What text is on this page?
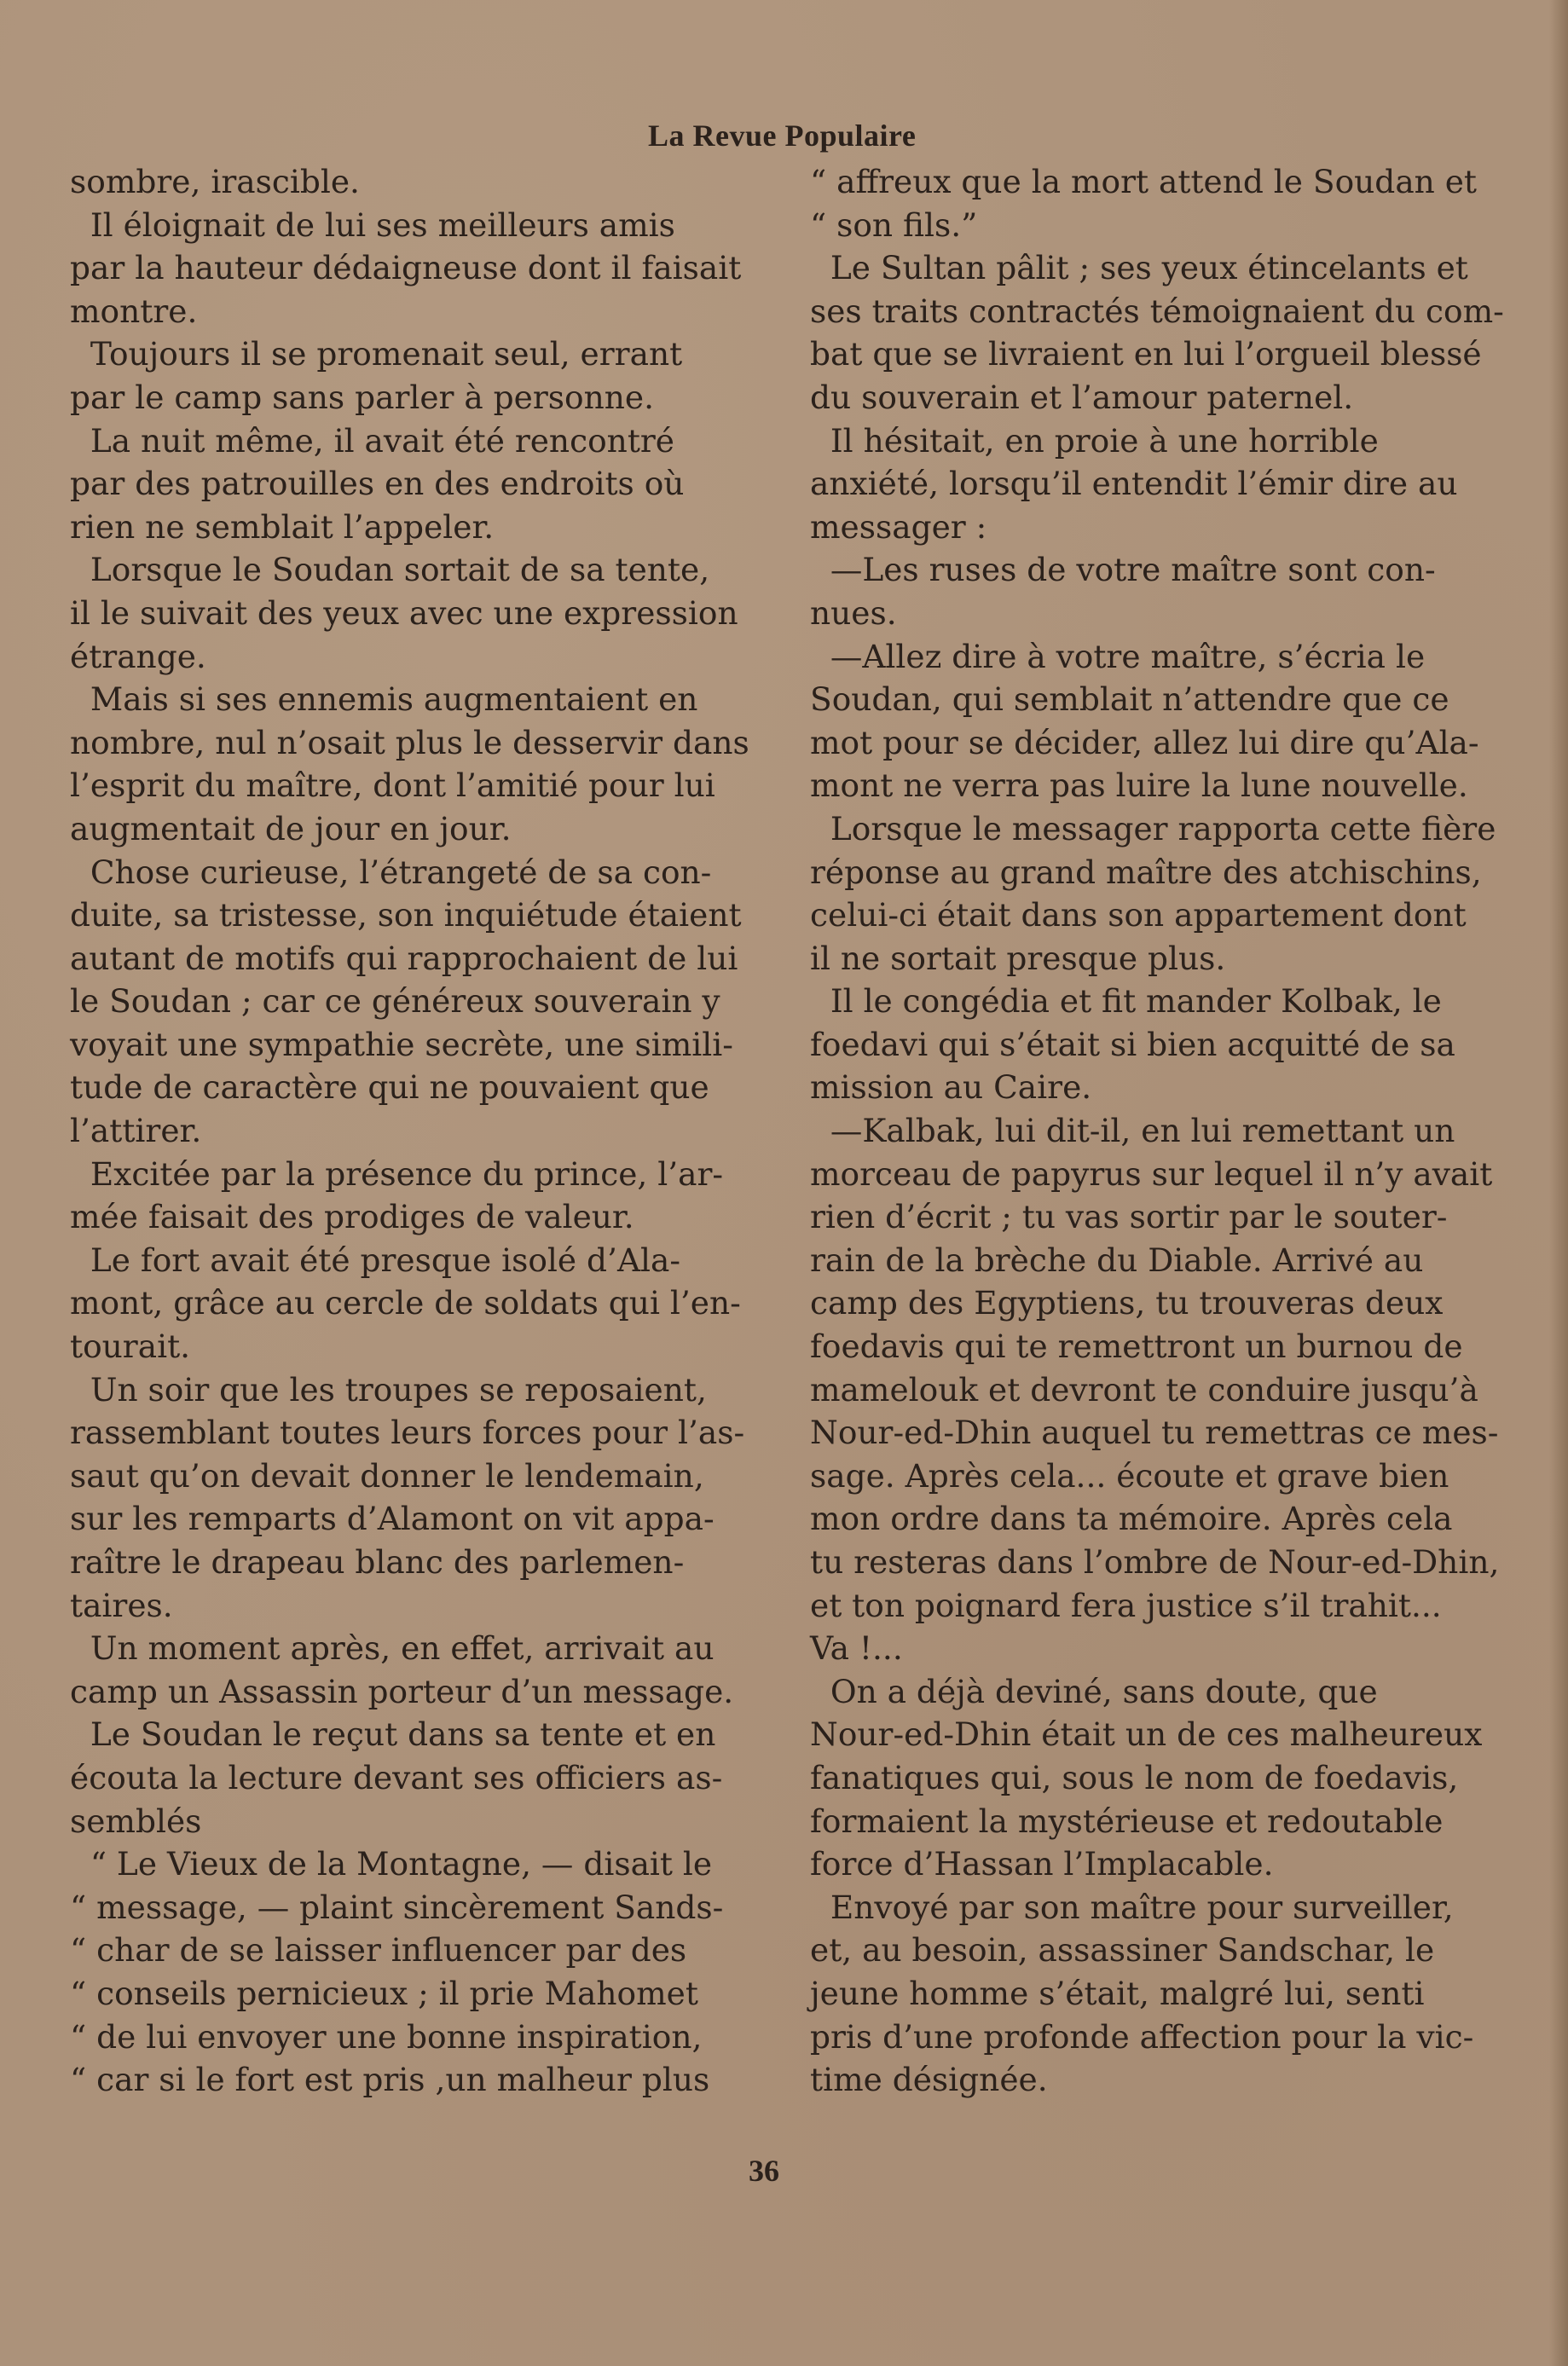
La Revue Populaire
sombre, irascible.
Il éloignait de lui ses meilleurs amis
par la hauteur dédaigneuse dont il faisait
montre.
Toujours il se promenait seul, errant
par le camp sans parler à personne.
La nuit même, il avait été rencontré
par des patrouilles en des endroits où
rien ne semblait l’appeler.
Lorsque le Soudan sortait de sa tente,
il le suivait des yeux avec une expression
étrange.
Mais si ses ennemis augmentaient en
nombre, nul n’osait plus le desservir dans
l’esprit du maître, dont l’amitié pour lui
augmentait de jour en jour.
Chose curieuse, l’étrangeté de sa con-
duite, sa tristesse, son inquiétude étaient
autant de motifs qui rapprochaient de lui
le Soudan ; car ce généreux souverain y
voyait une sympathie secrète, une simili-
tude de caractère qui ne pouvaient que
l’attirer.
Excitée par la présence du prince, l’ar-
mée faisait des prodiges de valeur.
Le fort avait été presque isolé d’Ala-
mont, grâce au cercle de soldats qui l’en-
tourait.
Un soir que les troupes se reposaient,
rassemblant toutes leurs forces pour l’as-
saut qu’on devait donner le lendemain,
sur les remparts d’Alamont on vit appa-
raître le drapeau blanc des parlemen-
taires.
Un moment après, en effet, arrivait au
camp un Assassin porteur d’un message.
Le Soudan le reçut dans sa tente et en
écouta la lecture devant ses officiers as-
semblés
“ Le Vieux de la Montagne, — disait le
“ message, — plaint sincèrement Sands-
“ char de se laisser influencer par des
“ conseils pernicieux ; il prie Mahomet
“ de lui envoyer une bonne inspiration,
“ car si le fort est pris ,un malheur plus
“ affreux que la mort attend le Soudan et
“ son fils.”
Le Sultan pâlit ; ses yeux étincelants et
ses traits contractés témoignaient du com-
bat que se livraient en lui l’orgueil blessé
du souverain et l’amour paternel.
Il hésitait, en proie à une horrible
anxiété, lorsqu’il entendit l’émir dire au
messager :
—Les ruses de votre maître sont con-
nues.
—Allez dire à votre maître, s’écria le
Soudan, qui semblait n’attendre que ce
mot pour se décider, allez lui dire qu’Ala-
mont ne verra pas luire la lune nouvelle.
Lorsque le messager rapporta cette fière
réponse au grand maître des atchischins,
celui-ci était dans son appartement dont
il ne sortait presque plus.
Il le congédia et fit mander Kolbak, le
foedavi qui s’était si bien acquitté de sa
mission au Caire.
—Kalbak, lui dit-il, en lui remettant un
morceau de papyrus sur lequel il n’y avait
rien d’écrit ; tu vas sortir par le souter-
rain de la brèche du Diable. Arrivé au
camp des Egyptiens, tu trouveras deux
foedavis qui te remettront un burnou de
mamelouk et devront te conduire jusqu’à
Nour-ed-Dhin auquel tu remettras ce mes-
sage. Après cela... écoute et grave bien
mon ordre dans ta mémoire. Après cela
tu resteras dans l’ombre de Nour-ed-Dhin,
et ton poignard fera justice s’il trahit...
Va !...
On a déjà deviné, sans doute, que
Nour-ed-Dhin était un de ces malheureux
fanatiques qui, sous le nom de foedavis,
formaient la mystérieuse et redoutable
force d’Hassan l’Implacable.
Envoyé par son maître pour surveiller,
et, au besoin, assassiner Sandschar, le
jeune homme s’était, malgré lui, senti
pris d’une profonde affection pour la vic-
time désignée.
36
